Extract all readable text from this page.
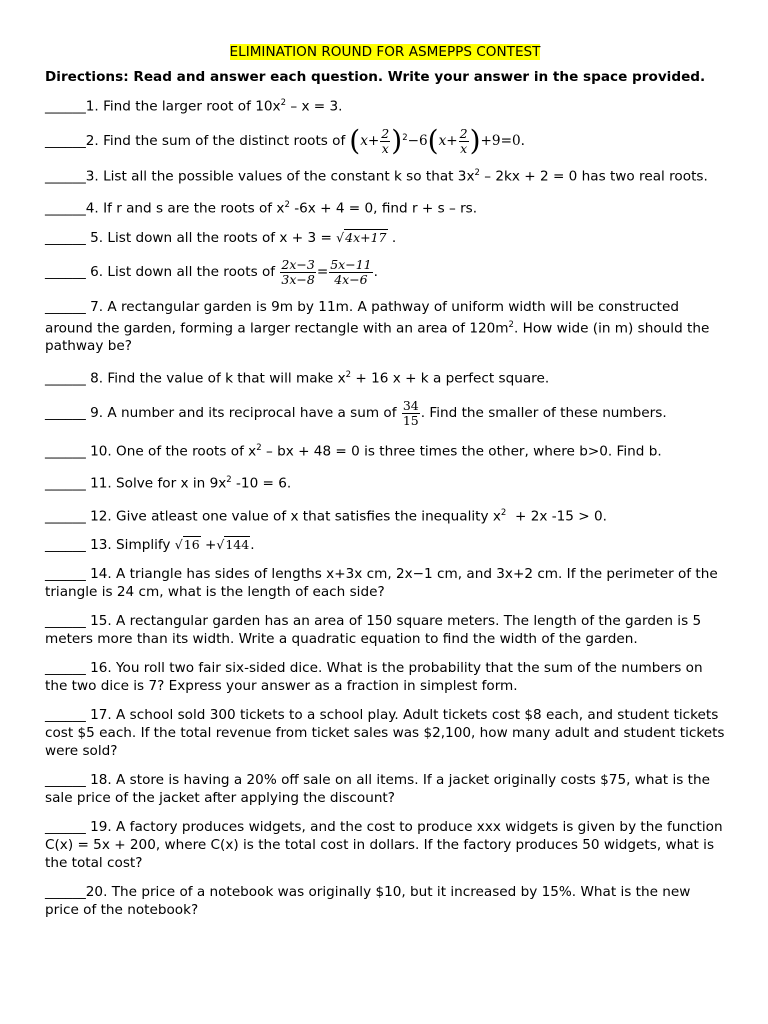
ELIMINATION ROUND FOR ASMEPPS CONTEST
Directions: Read and answer each question. Write your answer in the space provided.
______1. Find the larger root of $10x^2 - x = 3$.
______ 2. Find the sum of the distinct roots of ( $x + \frac{2}{x} )^2 -6$ ( $x + \frac{2}{x}$ ) +9=0.
______3. List all the possible values of the constant k so that $3x^2 - 2kx + 2 = 0$ has two real roots.
______4. If r and s are the roots of $x^2$ -6x + 4 = 0, find r + s – rs.
______ 5. List down all the roots of x + 3 = √4x+17 .
______ 6. List down all the roots of $\frac{2x-3}{3x-8} = \frac{5x-11}{4x-6}$ .
______ 7. A rectangular garden is 9m by 11m. A pathway of uniform width will be constructed around the garden, forming a larger rectangle with an area of $120m^2$. How wide (in m) should the pathway be?
______ 8. Find the value of k that will make $x^2 + 16$ x + k a perfect square.
______ 9. A number and its reciprocal have a sum of $\frac{34}{15}$ . Find the smaller of these numbers.
______ 10. One of the roots of $x^2$ – bx + 48 = 0 is three times the other, where b>0. Find b.
______ 11. Solve for x in $9x^2$ -10 = 6.
______ 12. Give atleast one value of x that satisfies the inequality $x^2 + 2x$ -15 > 0.
______ 13. Simplify √16 +√144.
______ 14. A triangle has sides of lengths x+3x cm, 2x−1 cm, and 3x+2 cm. If the perimeter of the triangle is 24 cm, what is the length of each side?
______ 15. A rectangular garden has an area of 150 square meters. The length of the garden is 5 meters more than its width. Write a quadratic equation to find the width of the garden.
______ 16. You roll two fair six-sided dice. What is the probability that the sum of the numbers on the two dice is 7? Express your answer as a fraction in simplest form.
______ 17. A school sold 300 tickets to a school play. Adult tickets cost $8 each, and student tickets cost $5 each. If the total revenue from ticket sales was $2,100, how many adult and student tickets were sold?
______ 18. A store is having a 20% off sale on all items. If a jacket originally costs $75, what is the sale price of the jacket after applying the discount?
______ 19. A factory produces widgets, and the cost to produce xxx widgets is given by the function C(x) = 5x + 200, where C(x) is the total cost in dollars. If the factory produces 50 widgets, what is the total cost?
______20. The price of a notebook was originally $10, but it increased by 15%. What is the new price of the notebook?
